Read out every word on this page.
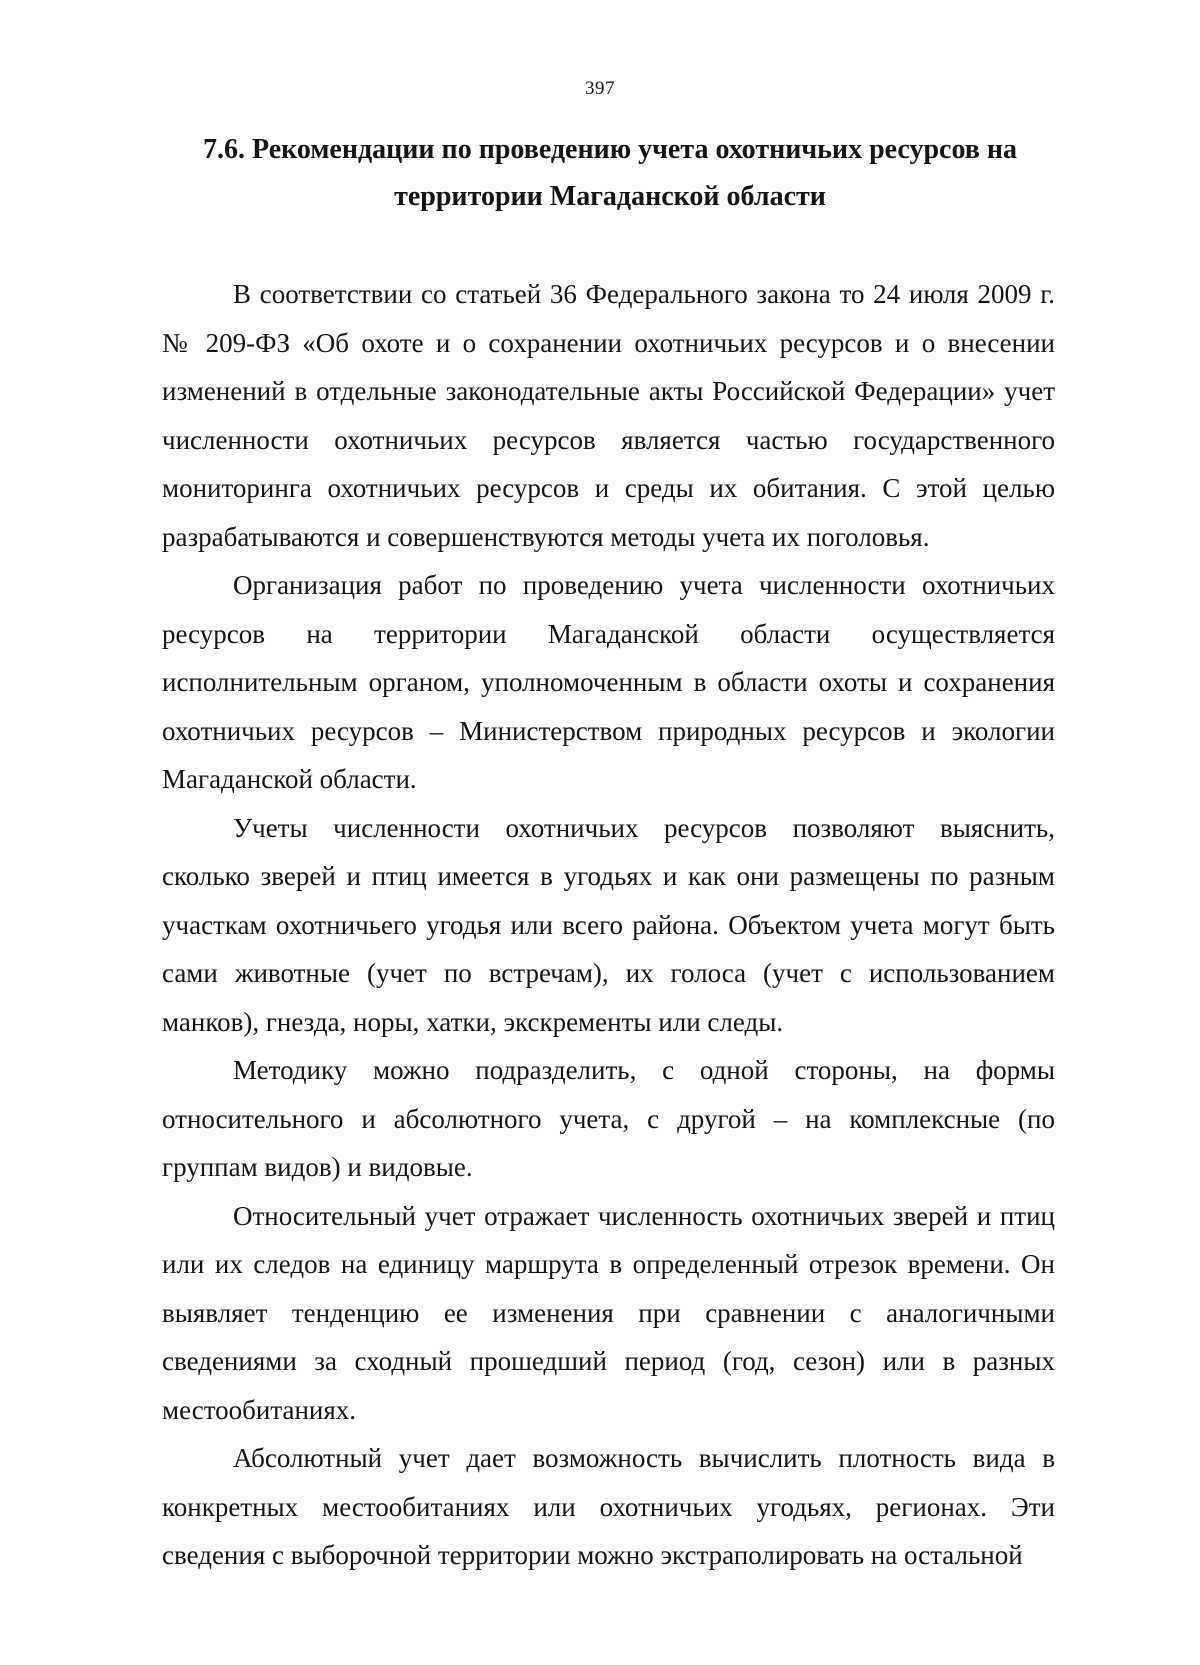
397
7.6. Рекомендации по проведению учета охотничьих ресурсов на
территории Магаданской области

В соответствии со статьей 36 Федерального закона то 24 июля 2009 г. № 209-ФЗ «Об охоте и о сохранении охотничьих ресурсов и о внесении изменений в отдельные законодательные акты Российской Федерации» учет численности охотничьих ресурсов является частью государственного мониторинга охотничьих ресурсов и среды их обитания. С этой целью разрабатываются и совершенствуются методы учета их поголовья.

Организация работ по проведению учета численности охотничьих ресурсов на территории Магаданской области осуществляется исполнительным органом, уполномоченным в области охоты и сохранения охотничьих ресурсов – Министерством природных ресурсов и экологии Магаданской области.

Учеты численности охотничьих ресурсов позволяют выяснить, сколько зверей и птиц имеется в угодьях и как они размещены по разным участкам охотничьего угодья или всего района. Объектом учета могут быть сами животные (учет по встречам), их голоса (учет с использованием манков), гнезда, норы, хатки, экскременты или следы.

Методику можно подразделить, с одной стороны, на формы относительного и абсолютного учета, с другой – на комплексные (по группам видов) и видовые.

Относительный учет отражает численность охотничьих зверей и птиц или их следов на единицу маршрута в определенный отрезок времени. Он выявляет тенденцию ее изменения при сравнении с аналогичными сведениями за сходный прошедший период (год, сезон) или в разных местообитаниях.

Абсолютный учет дает возможность вычислить плотность вида в конкретных местообитаниях или охотничьих угодьях, регионах. Эти сведения с выборочной территории можно экстраполировать на остальной
